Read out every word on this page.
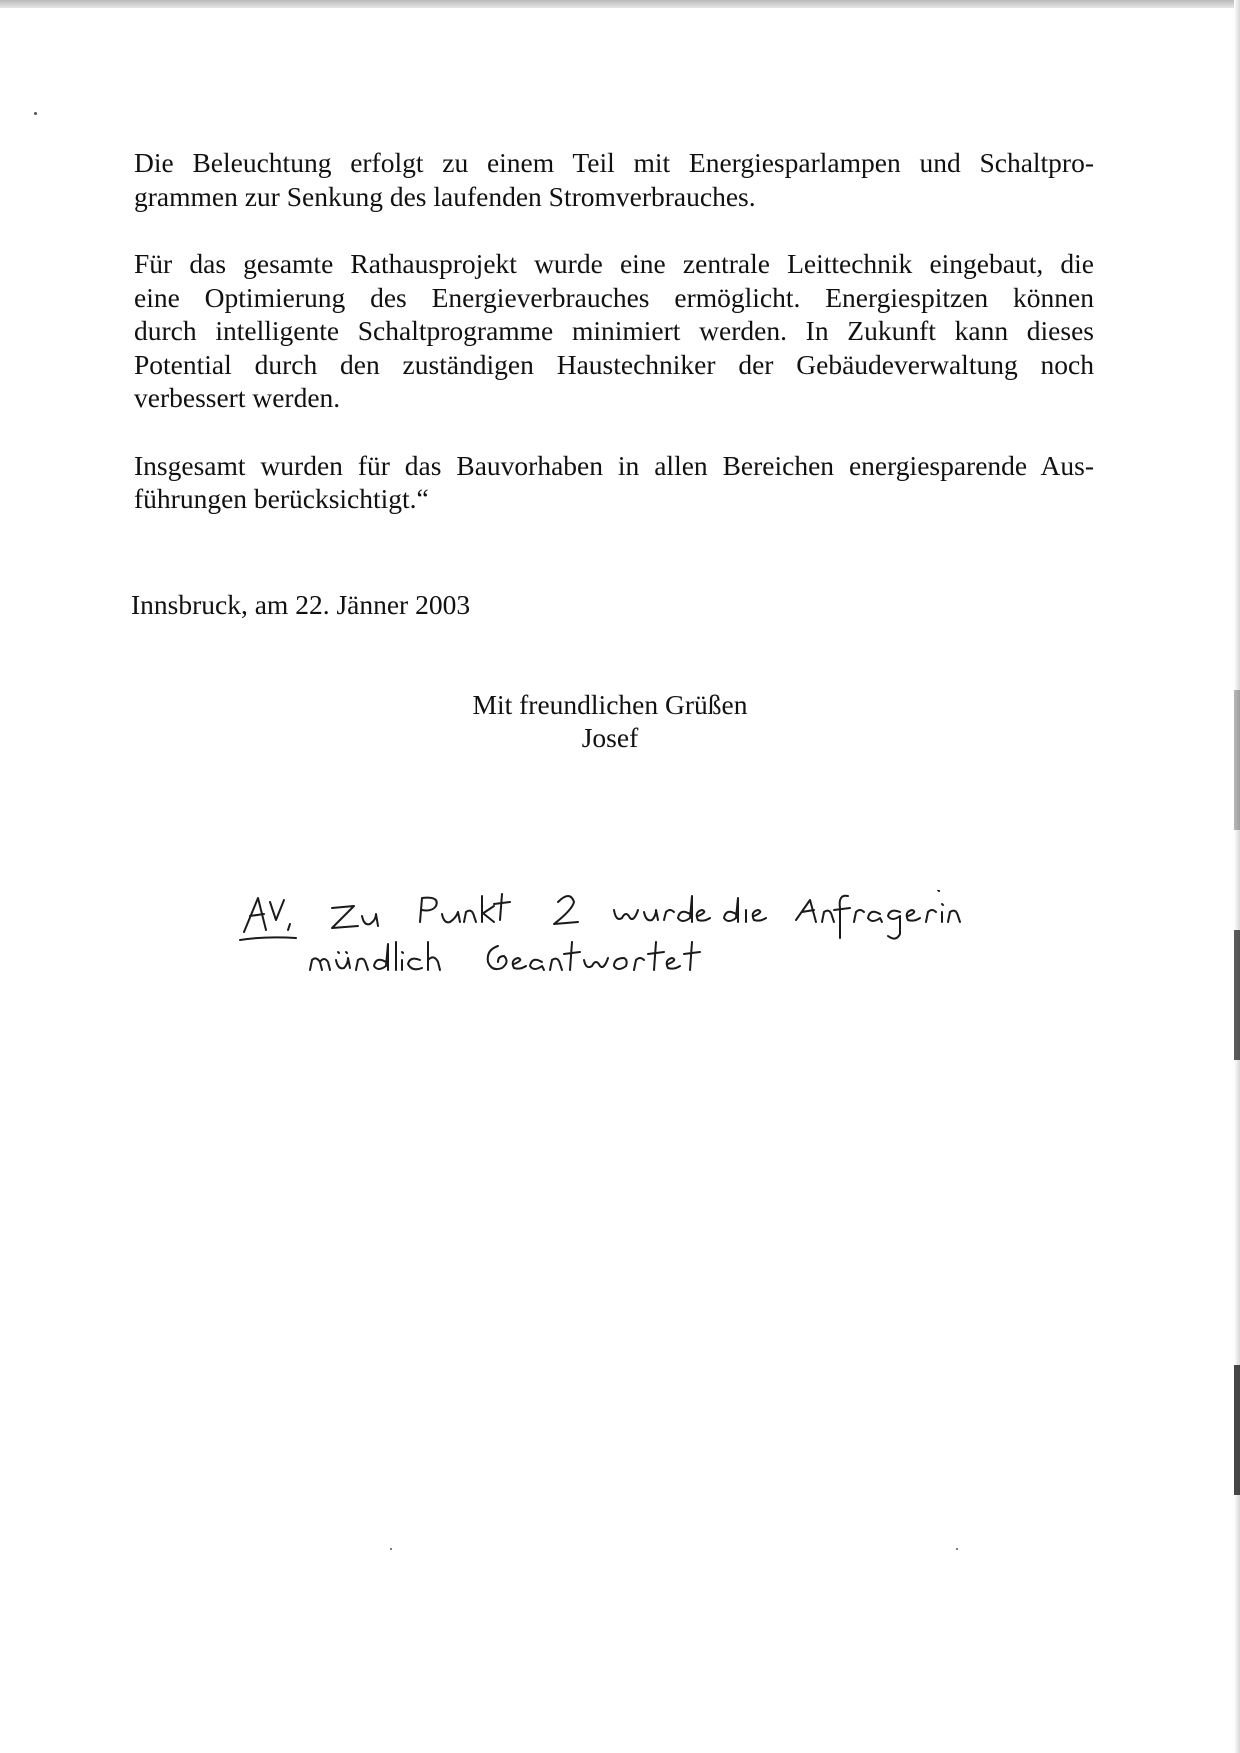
Die Beleuchtung erfolgt zu einem Teil mit Energiesparlampen und Schaltpro-
grammen zur Senkung des laufenden Stromverbrauches.

Für das gesamte Rathausprojekt wurde eine zentrale Leittechnik eingebaut, die
eine Optimierung des Energieverbrauches ermöglicht. Energiespitzen können
durch intelligente Schaltprogramme minimiert werden. In Zukunft kann dieses
Potential durch den zuständigen Haustechniker der Gebäudeverwaltung noch
verbessert werden.

Insgesamt wurden für das Bauvorhaben in allen Bereichen energiesparende Aus-
führungen berücksichtigt.“

Innsbruck, am 22. Jänner 2003
Mit freundlichen Grüßen
Josef
